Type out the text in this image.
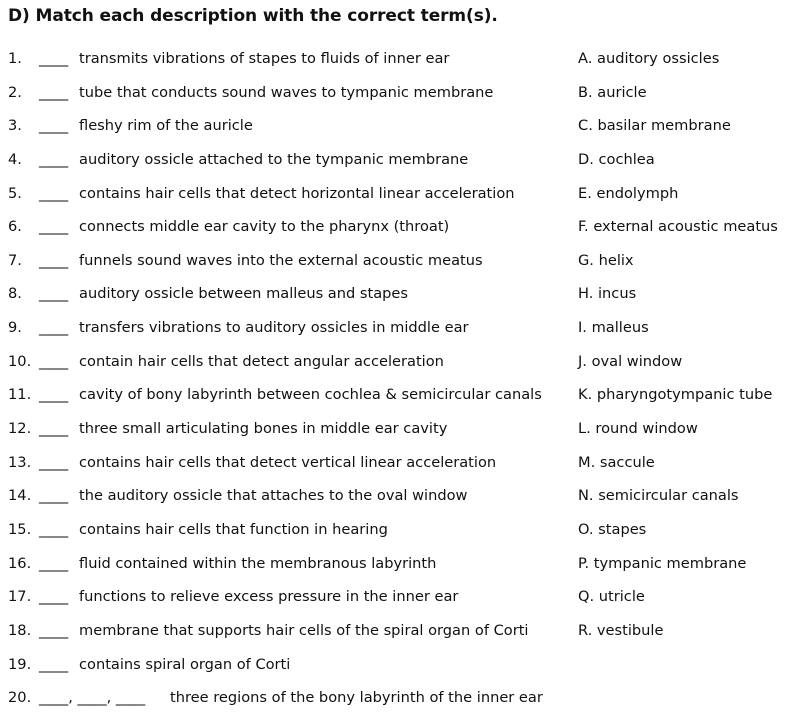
D) Match each description with the correct term(s).
1. ____ transmits vibrations of stapes to fluids of inner ear
2. ____ tube that conducts sound waves to tympanic membrane
3. ____ fleshy rim of the auricle
4. ____ auditory ossicle attached to the tympanic membrane
5. ____ contains hair cells that detect horizontal linear acceleration
6. ____ connects middle ear cavity to the pharynx (throat)
7. ____ funnels sound waves into the external acoustic meatus
8. ____ auditory ossicle between malleus and stapes
9. ____ transfers vibrations to auditory ossicles in middle ear
10. ____ contain hair cells that detect angular acceleration
11. ____ cavity of bony labyrinth between cochlea & semicircular canals
12. ____ three small articulating bones in middle ear cavity
13. ____ contains hair cells that detect vertical linear acceleration
14. ____ the auditory ossicle that attaches to the oval window
15. ____ contains hair cells that function in hearing
16. ____ fluid contained within the membranous labyrinth
17. ____ functions to relieve excess pressure in the inner ear
18. ____ membrane that supports hair cells of the spiral organ of Corti
19. ____ contains spiral organ of Corti
20. ____, ____, ____ three regions of the bony labyrinth of the inner ear
A. auditory ossicles
B. auricle
C. basilar membrane
D. cochlea
E. endolymph
F. external acoustic meatus
G. helix
H. incus
I. malleus
J. oval window
K. pharyngotympanic tube
L. round window
M. saccule
N. semicircular canals
O. stapes
P. tympanic membrane
Q. utricle
R. vestibule
